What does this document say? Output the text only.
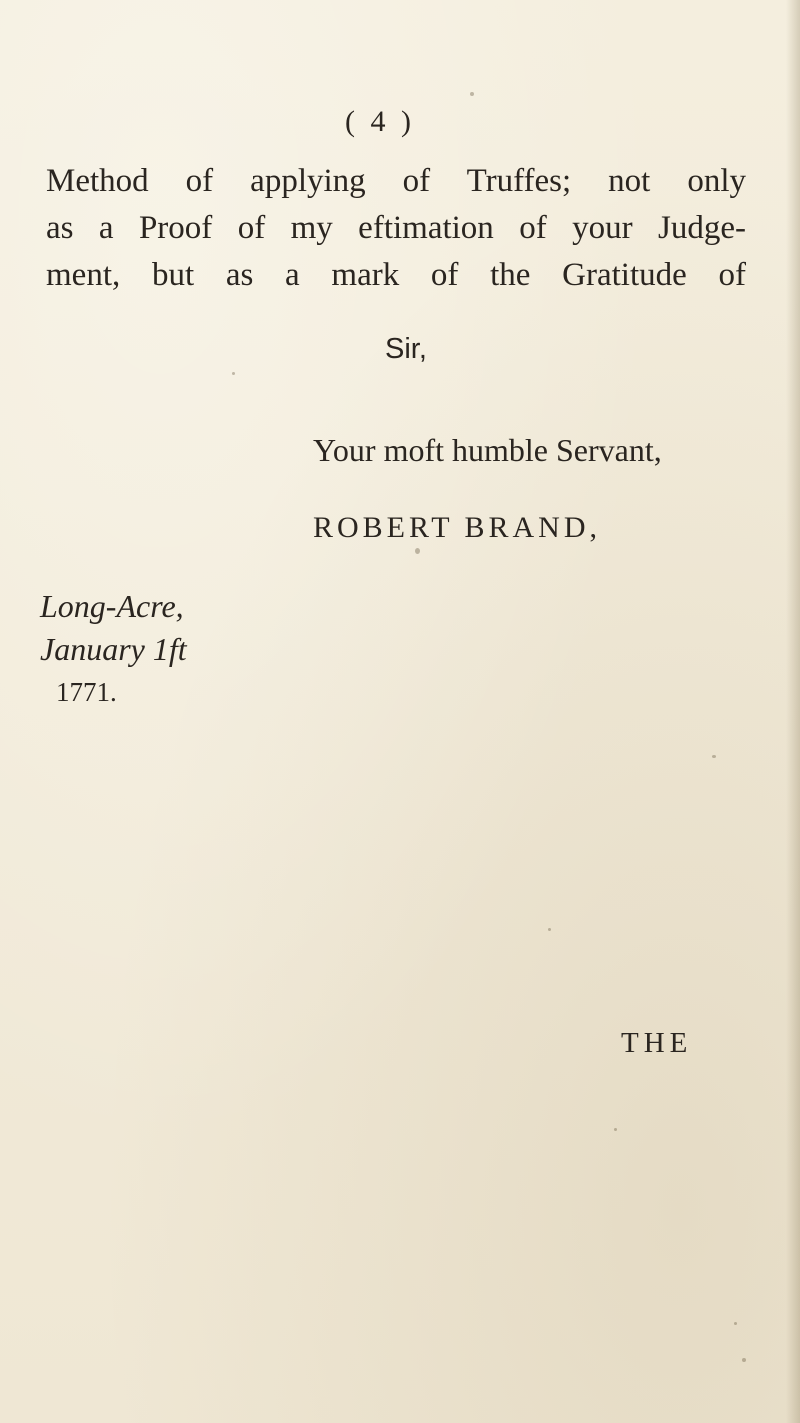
( 4 )
Method of applying of Truffes; not only
as a Proof of my eftimation of your Judge-
ment, but as a mark of the Gratitude of
Sir,
Your moft humble Servant,
ROBERT BRAND,
Long-Acre,
January 1ft
1771.
THE
